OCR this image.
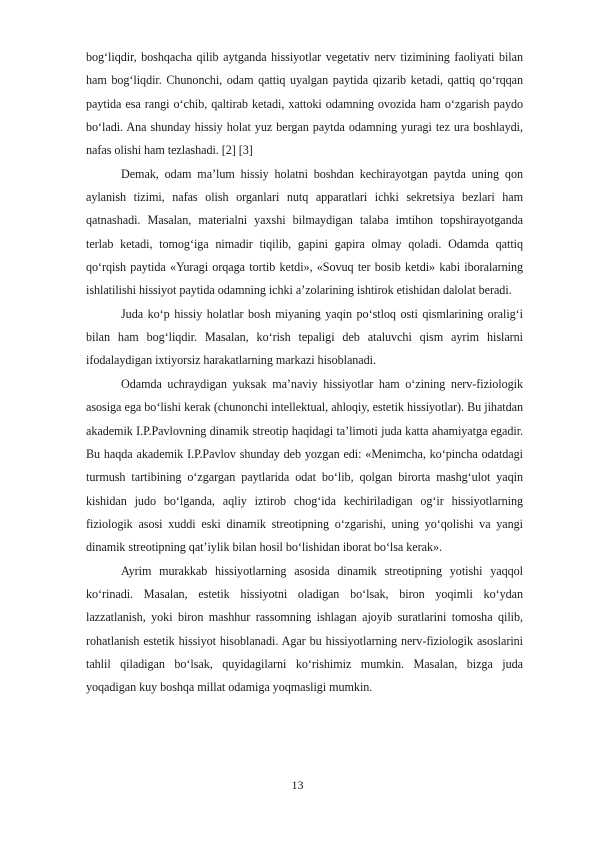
bog‘liqdir, boshqacha qilib aytganda hissiyotlar vegetativ nerv tizimining faoliyati bilan ham bog‘liqdir. Chunonchi, odam qattiq uyalgan paytida qizarib ketadi, qattiq qo‘rqqan paytida esa rangi o‘chib, qaltirab ketadi, xattoki odamning ovozida ham o‘zgarish paydo bo‘ladi. Ana shunday hissiy holat yuz bergan paytda odamning yuragi tez ura boshlaydi, nafas olishi ham tezlashadi. [2] [3]

Demak, odam ma’lum hissiy holatni boshdan kechirayotgan paytda uning qon aylanish tizimi, nafas olish organlari nutq apparatlari ichki sekretsiya bezlari ham qatnashadi. Masalan, materialni yaxshi bilmaydigan talaba imtihon topshirayotganda terlab ketadi, tomog‘iga nimadir tiqilib, gapini gapira olmay qoladi. Odamda qattiq qo‘rqish paytida «Yuragi orqaga tortib ketdi», «Sovuq ter bosib ketdi» kabi iboralarning ishlatilishi hissiyot paytida odamning ichki a’zolarining ishtirok etishidan dalolat beradi.

Juda ko‘p hissiy holatlar bosh miyaning yaqin po‘stloq osti qismlarining oralig‘i bilan ham bog‘liqdir. Masalan, ko‘rish tepaligi deb ataluvchi qism ayrim hislarni ifodalaydigan ixtiyorsiz harakatlarning markazi hisoblanadi.

Odamda uchraydigan yuksak ma’naviy hissiyotlar ham o‘zining nerv-fiziologik asosiga ega bo‘lishi kerak (chunonchi intellektual, ahloqiy, estetik hissiyotlar). Bu jihatdan akademik I.P.Pavlovning dinamik streotip haqidagi ta’limoti juda katta ahamiyatga egadir. Bu haqda akademik I.P.Pavlov shunday deb yozgan edi: «Menimcha, ko‘pincha odatdagi turmush tartibining o‘zgargan paytlarida odat bo‘lib, qolgan birorta mashg‘ulot yaqin kishidan judo bo‘lganda, aqliy iztirob chog‘ida kechiriladigan og‘ir hissiyotlarning fiziologik asosi xuddi eski dinamik streotipning o‘zgarishi, uning yo‘qolishi va yangi dinamik streotipning qat’iylik bilan hosil bo‘lishidan iborat bo‘lsa kerak».

Ayrim murakkab hissiyotlarning asosida dinamik streotipning yotishi yaqqol ko‘rinadi. Masalan, estetik hissiyotni oladigan bo‘lsak, biron yoqimli ko‘ydan lazzatlanish, yoki biron mashhur rassomning ishlagan ajoyib suratlarini tomosha qilib, rohatlanish estetik hissiyot hisoblanadi. Agar bu hissiyotlarning nerv-fiziologik asoslarini tahlil qiladigan bo‘lsak, quyidagilarni ko‘rishimiz mumkin. Masalan, bizga juda yoqadigan kuy boshqa millat odamiga yoqmasligi mumkin.

13
